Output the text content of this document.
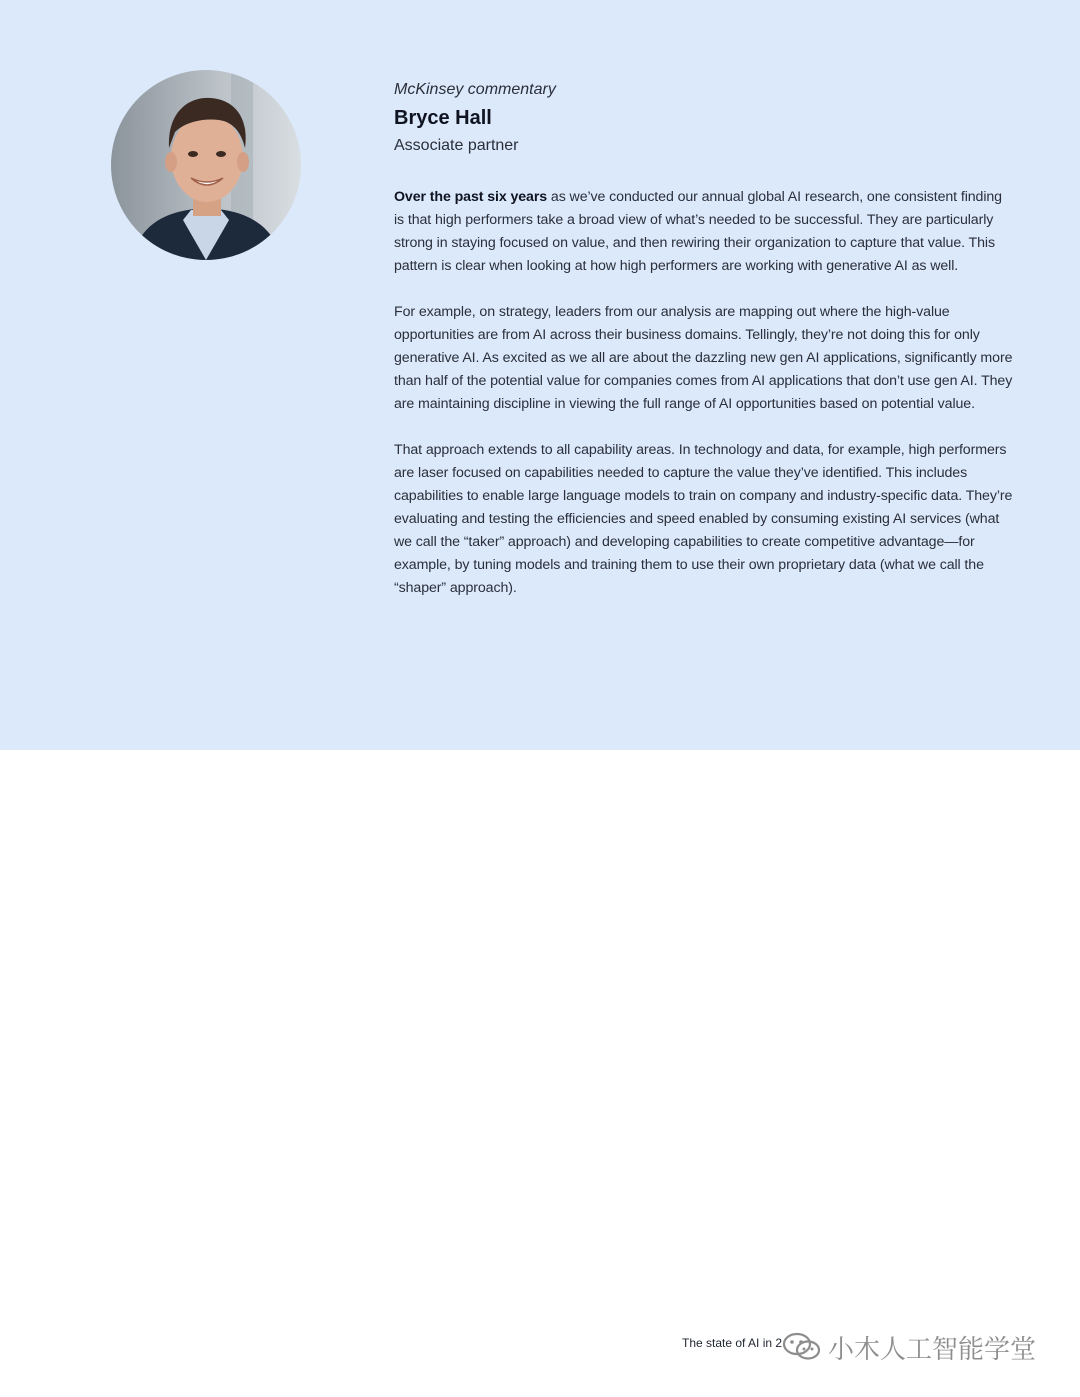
McKinsey commentary

Bryce Hall

Associate partner

Over the past six years as we’ve conducted our annual global AI research, one consistent finding is that high performers take a broad view of what’s needed to be successful. They are particularly strong in staying focused on value, and then rewiring their organization to capture that value. This pattern is clear when looking at how high performers are working with generative AI as well.

For example, on strategy, leaders from our analysis are mapping out where the high-value opportunities are from AI across their business domains. Tellingly, they’re not doing this for only generative AI. As excited as we all are about the dazzling new gen AI applications, significantly more than half of the potential value for companies comes from AI applications that don’t use gen AI. They are maintaining discipline in viewing the full range of AI opportunities based on potential value.

That approach extends to all capability areas. In technology and data, for example, high performers are laser focused on capabilities needed to capture the value they’ve identified. This includes capabilities to enable large language models to train on company and industry-specific data. They’re evaluating and testing the efficiencies and speed enabled by consuming existing AI services (what we call the “taker” approach) and developing capabilities to create competitive advantage—for example, by tuning models and training them to use their own proprietary data (what we call the “shaper” approach).

The state of AI in 2 小木人工智能学堂
